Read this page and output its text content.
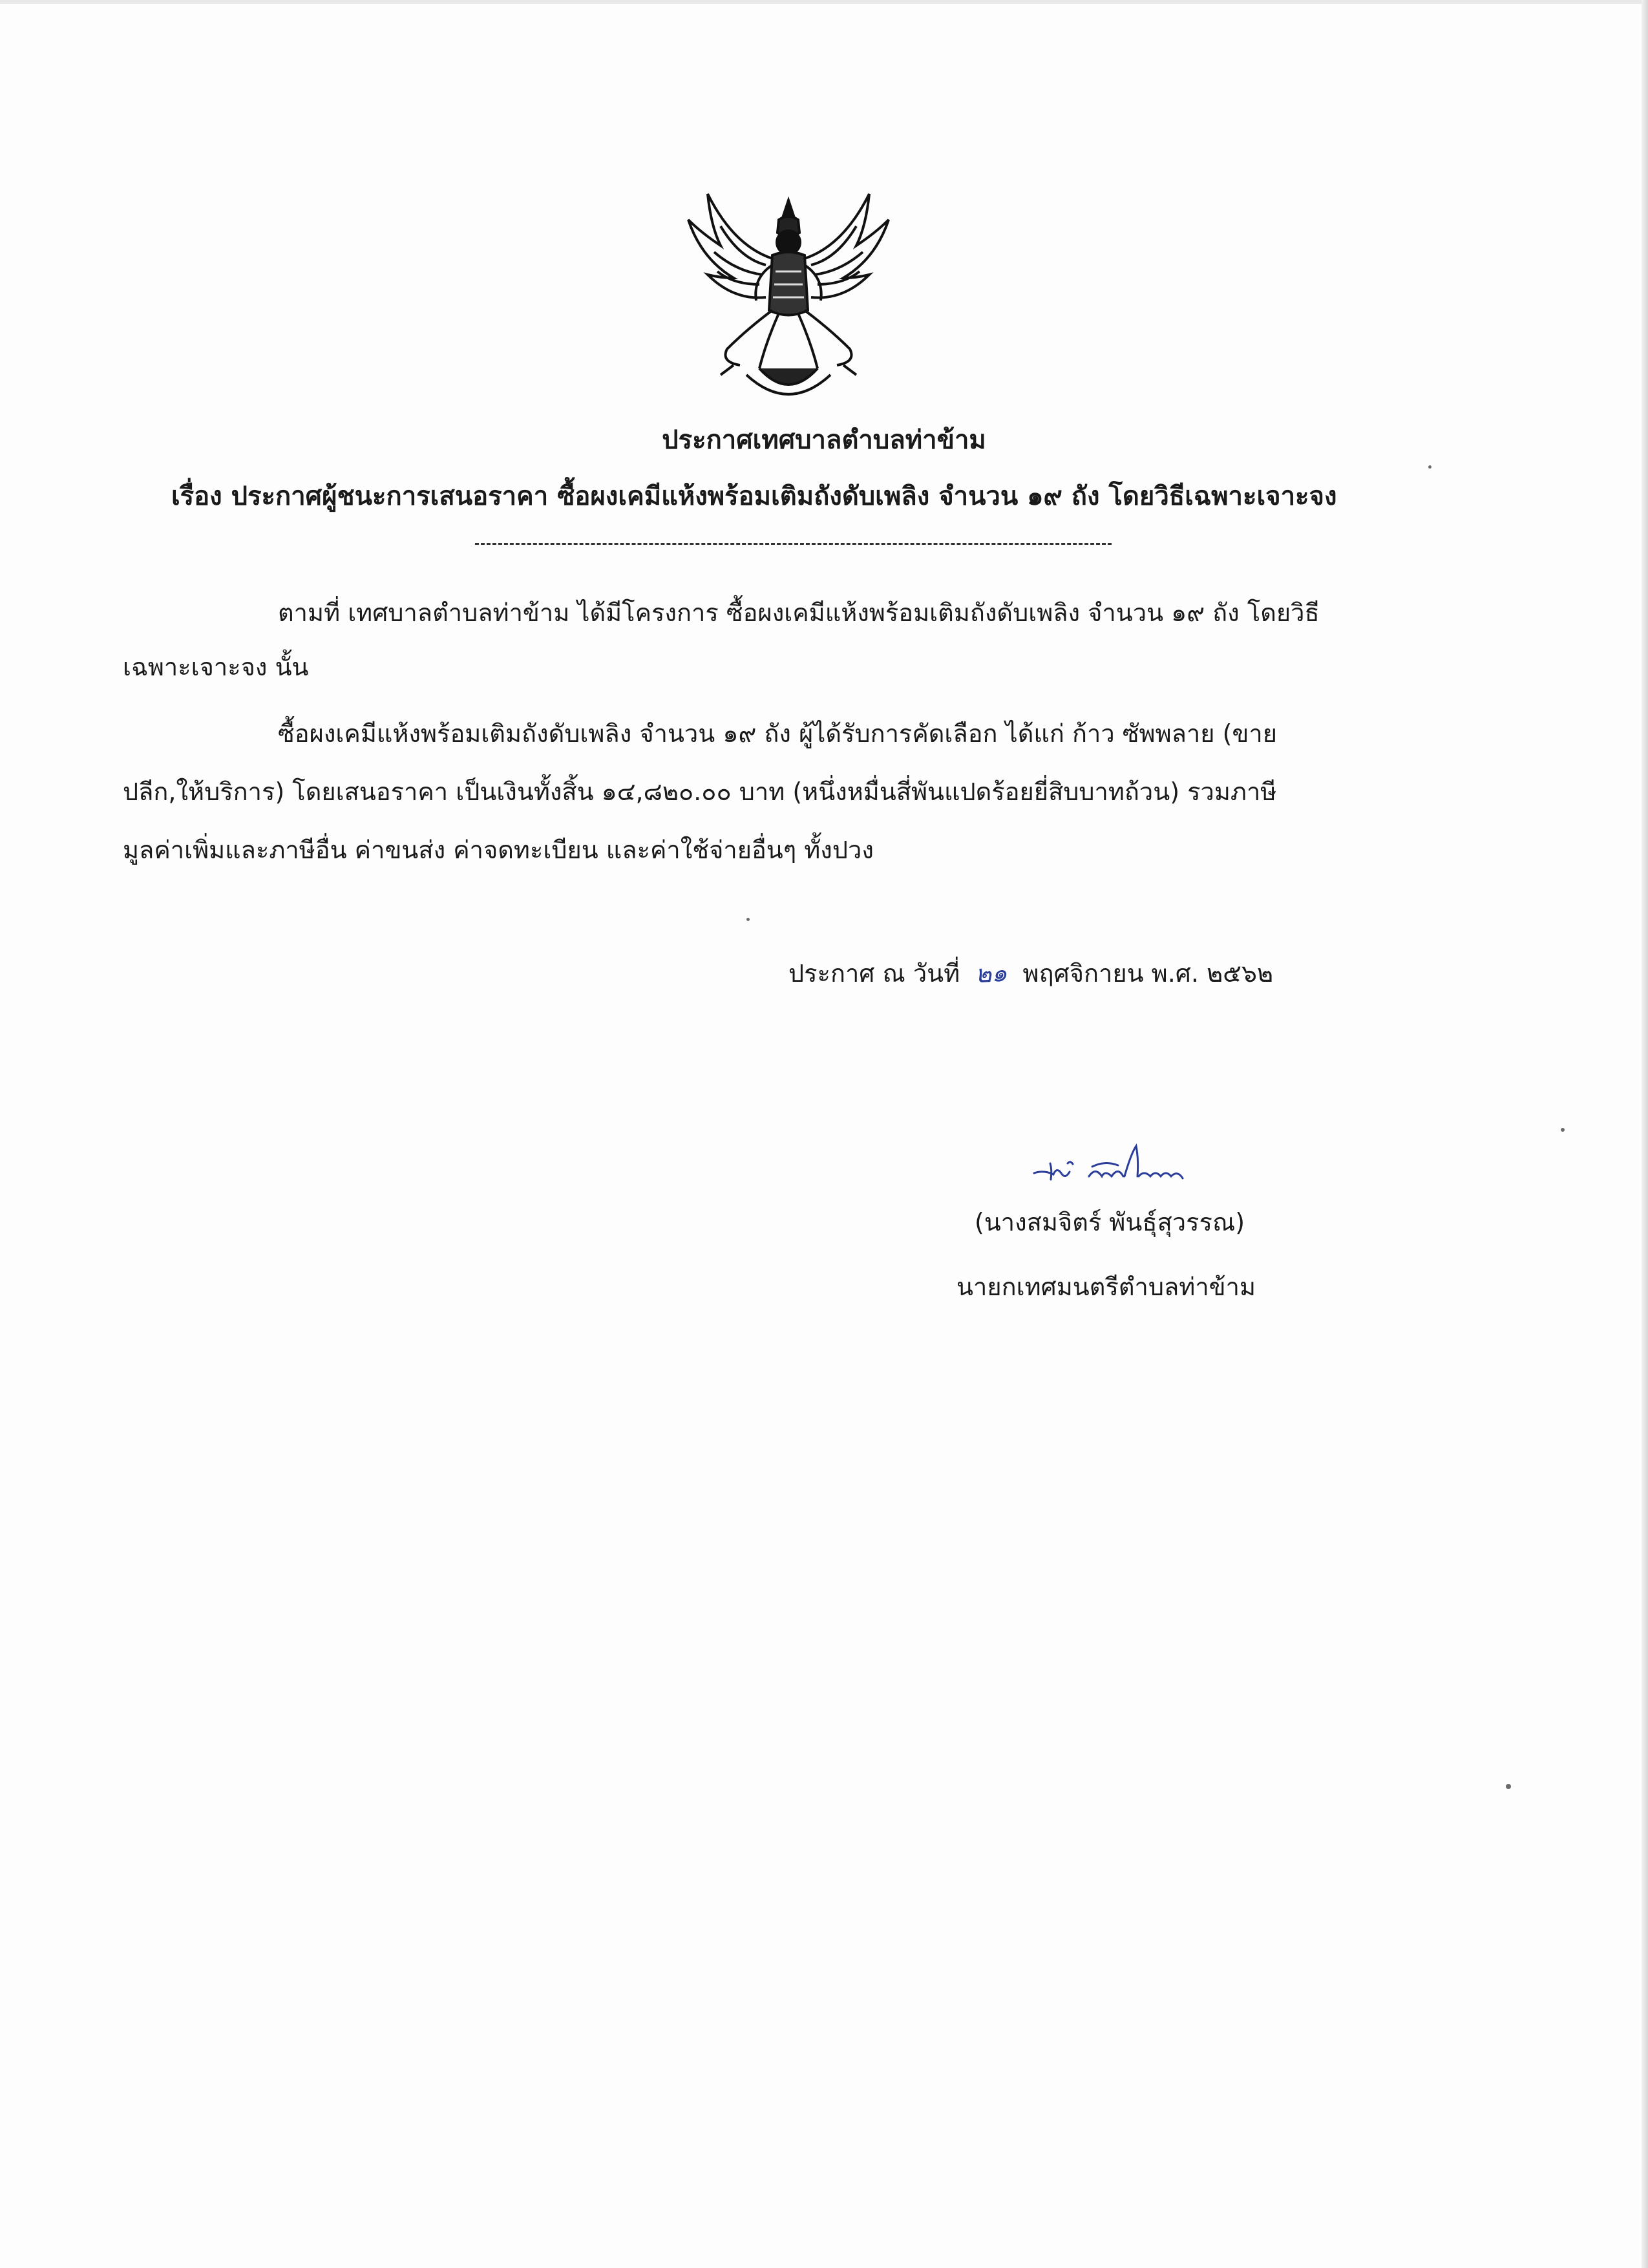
ประกาศเทศบาลตำบลท่าข้าม
เรื่อง ประกาศผู้ชนะการเสนอราคา ซื้อผงเคมีแห้งพร้อมเติมถังดับเพลิง จำนวน ๑๙ ถัง โดยวิธีเฉพาะเจาะจง
ตามที่ เทศบาลตำบลท่าข้าม ได้มีโครงการ ซื้อผงเคมีแห้งพร้อมเติมถังดับเพลิง จำนวน ๑๙ ถัง โดยวิธี
เฉพาะเจาะจง นั้น
ซื้อผงเคมีแห้งพร้อมเติมถังดับเพลิง จำนวน ๑๙ ถัง ผู้ได้รับการคัดเลือก ได้แก่ ก้าว ซัพพลาย (ขาย
ปลีก,ให้บริการ) โดยเสนอราคา เป็นเงินทั้งสิ้น ๑๔,๘๒๐.๐๐ บาท (หนึ่งหมื่นสี่พันแปดร้อยยี่สิบบาทถ้วน) รวมภาษี
มูลค่าเพิ่มและภาษีอื่น ค่าขนส่ง ค่าจดทะเบียน และค่าใช้จ่ายอื่นๆ ทั้งปวง
ประกาศ ณ วันที่ ๒๑ พฤศจิกายน พ.ศ. ๒๕๖๒
(นางสมจิตร์ พันธุ์สุวรรณ)
นายกเทศมนตรีตำบลท่าข้าม
